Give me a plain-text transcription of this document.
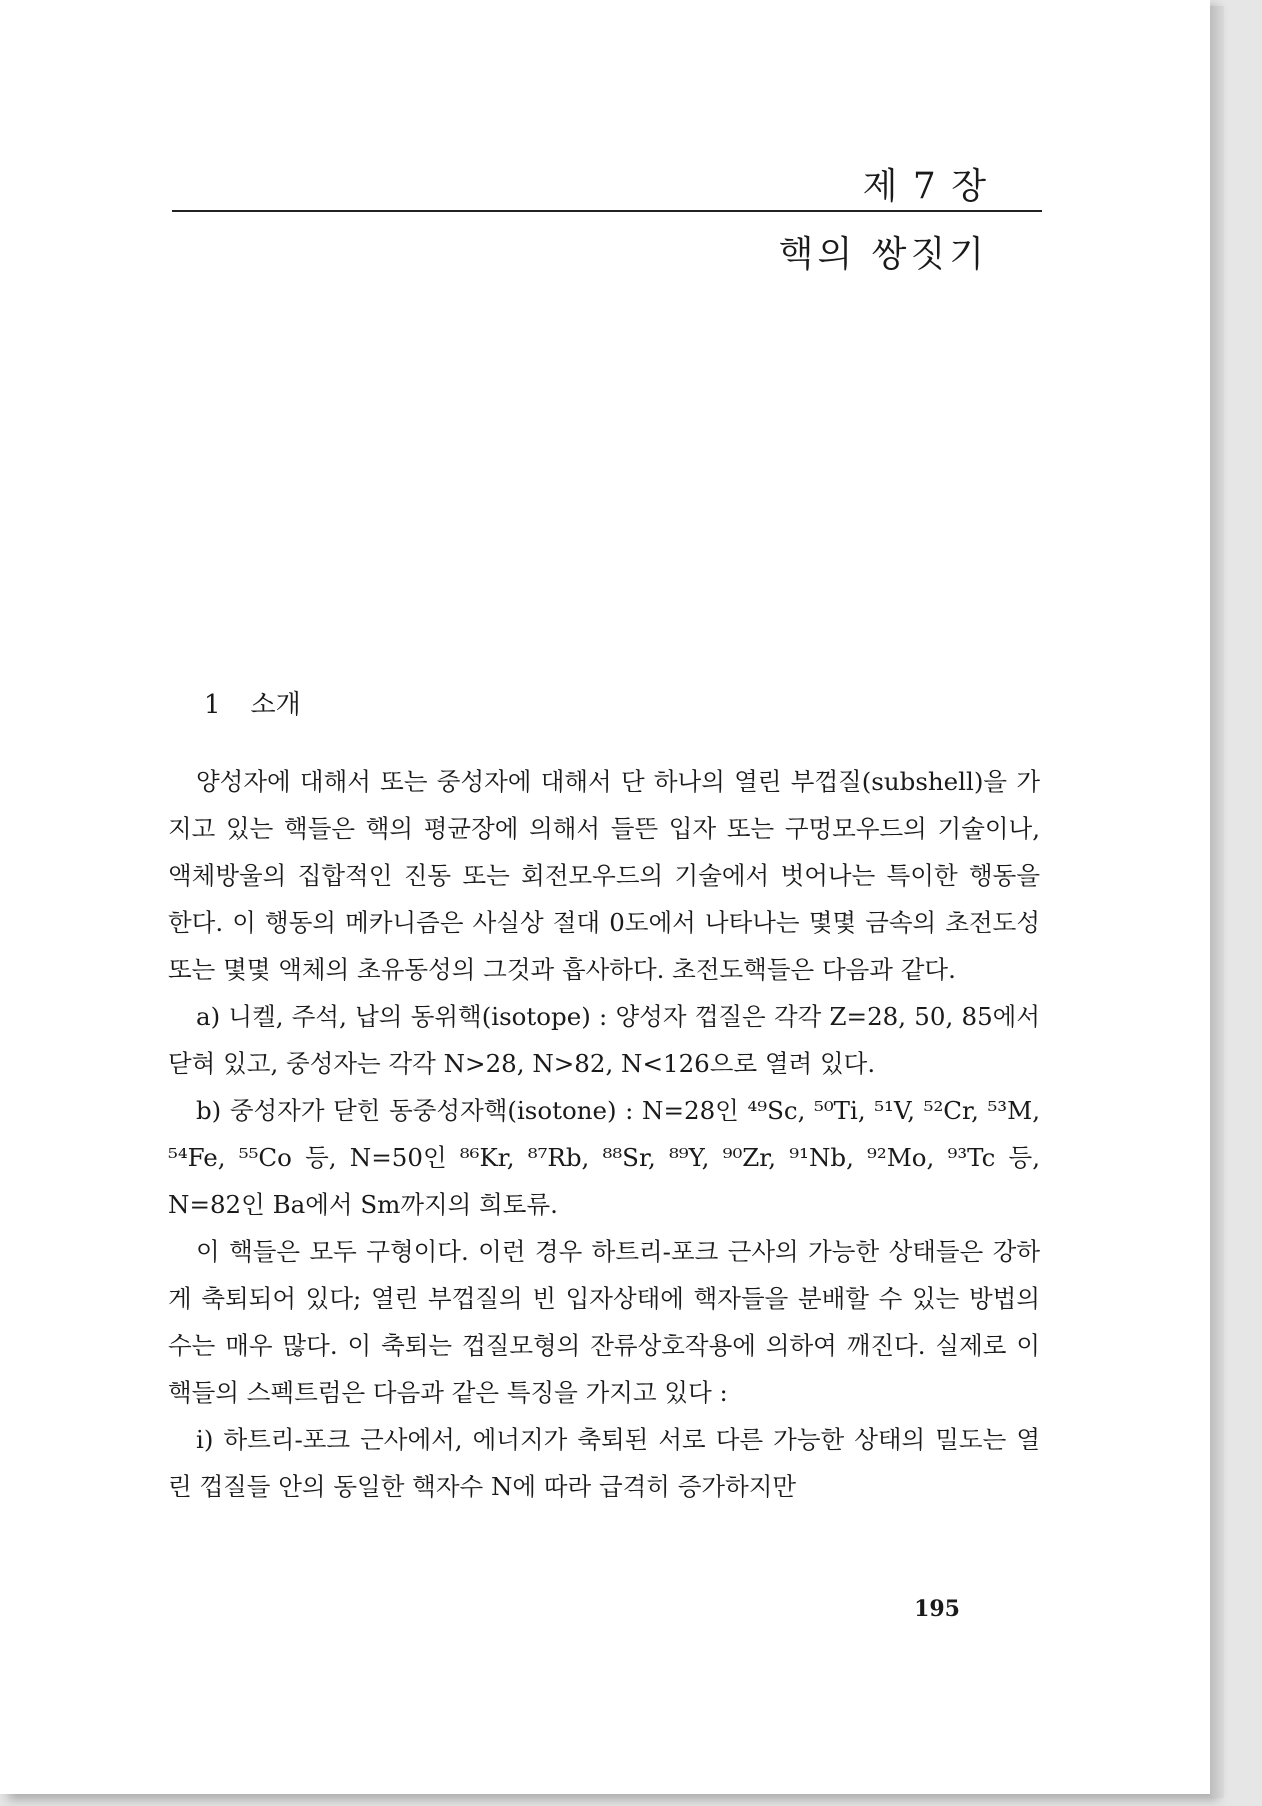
제 7 장
핵의 쌍짓기
1 소개

양성자에 대해서 또는 중성자에 대해서 단 하나의 열린 부껍질(subshell)을 가지고 있는 핵들은 핵의 평균장에 의해서 들뜬 입자 또는 구멍모우드의 기술이나, 액체방울의 집합적인 진동 또는 회전모우드의 기술에서 벗어나는 특이한 행동을 한다. 이 행동의 메카니즘은 사실상 절대 0도에서 나타나는 몇몇 금속의 초전도성 또는 몇몇 액체의 초유동성의 그것과 흡사하다. 초전도핵들은 다음과 같다.

a) 니켈, 주석, 납의 동위핵(isotope) : 양성자 껍질은 각각 Z=28, 50, 85에서 닫혀 있고, 중성자는 각각 N>28, N>82, N<126으로 열려 있다.

b) 중성자가 닫힌 동중성자핵(isotone) : N=28인 ⁴⁹Sc, ⁵⁰Ti, ⁵¹V, ⁵²Cr, ⁵³M, ⁵⁴Fe, ⁵⁵Co 등, N=50인 ⁸⁶Kr, ⁸⁷Rb, ⁸⁸Sr, ⁸⁹Y, ⁹⁰Zr, ⁹¹Nb, ⁹²Mo, ⁹³Tc 등, N=82인 Ba에서 Sm까지의 희토류.

이 핵들은 모두 구형이다. 이런 경우 하트리-포크 근사의 가능한 상태들은 강하게 축퇴되어 있다; 열린 부껍질의 빈 입자상태에 핵자들을 분배할 수 있는 방법의 수는 매우 많다. 이 축퇴는 껍질모형의 잔류상호작용에 의하여 깨진다. 실제로 이 핵들의 스펙트럼은 다음과 같은 특징을 가지고 있다 :

i) 하트리-포크 근사에서, 에너지가 축퇴된 서로 다른 가능한 상태의 밀도는 열린 껍질들 안의 동일한 핵자수 N에 따라 급격히 증가하지만

195
